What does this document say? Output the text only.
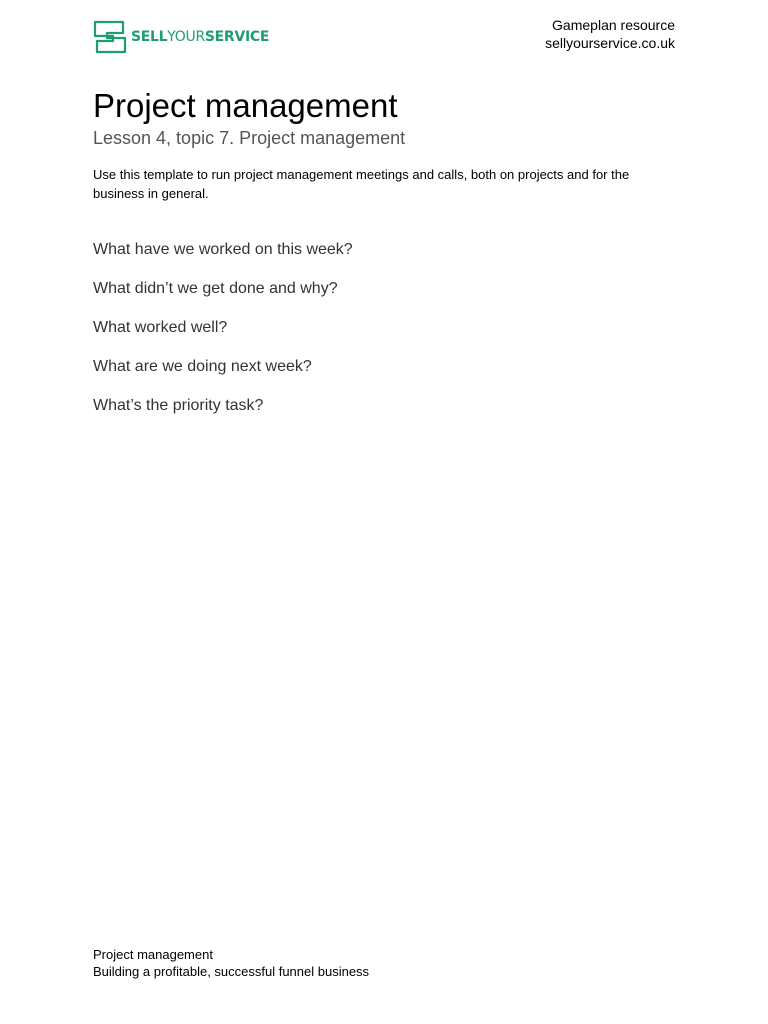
SELLYOURSERVICE
Gameplan resource
sellyourservice.co.uk
Project management
Lesson 4, topic 7. Project management

Use this template to run project management meetings and calls, both on projects and for the business in general.

What have we worked on this week?
What didn’t we get done and why?
What worked well?
What are we doing next week?
What’s the priority task?
Project management
Building a profitable, successful funnel business
